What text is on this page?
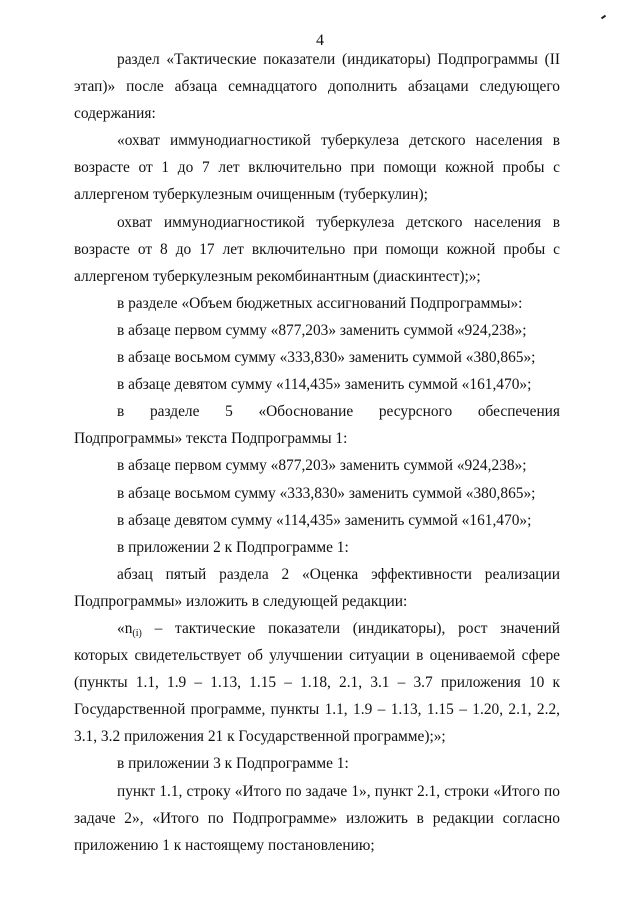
4

раздел «Тактические показатели (индикаторы) Подпрограммы (II этап)» после абзаца семнадцатого дополнить абзацами следующего содержания:

«охват иммунодиагностикой туберкулеза детского населения в возрасте от 1 до 7 лет включительно при помощи кожной пробы с аллергеном туберкулезным очищенным (туберкулин);

охват иммунодиагностикой туберкулеза детского населения в возрасте от 8 до 17 лет включительно при помощи кожной пробы с аллергеном туберкулезным рекомбинантным (диаскинтест);»;

в разделе «Объем бюджетных ассигнований Подпрограммы»:

в абзаце первом сумму «877,203» заменить суммой «924,238»;

в абзаце восьмом сумму «333,830» заменить суммой «380,865»;

в абзаце девятом сумму «114,435» заменить суммой «161,470»;

в разделе 5 «Обоснование ресурсного обеспечения Подпрограммы» текста Подпрограммы 1:

в абзаце первом сумму «877,203» заменить суммой «924,238»;

в абзаце восьмом сумму «333,830» заменить суммой «380,865»;

в абзаце девятом сумму «114,435» заменить суммой «161,470»;

в приложении 2 к Подпрограмме 1:

абзац пятый раздела 2 «Оценка эффективности реализации Подпрограммы» изложить в следующей редакции:

«$n_{(i)}$ – тактические показатели (индикаторы), рост значений которых свидетельствует об улучшении ситуации в оцениваемой сфере (пункты 1.1, 1.9 – 1.13, 1.15 – 1.18, 2.1, 3.1 – 3.7 приложения 10 к Государственной программе, пункты 1.1, 1.9 – 1.13, 1.15 – 1.20, 2.1, 2.2, 3.1, 3.2 приложения 21 к Государственной программе);»;

в приложении 3 к Подпрограмме 1:

пункт 1.1, строку «Итого по задаче 1», пункт 2.1, строки «Итого по задаче 2», «Итого по Подпрограмме» изложить в редакции согласно приложению 1 к настоящему постановлению;
